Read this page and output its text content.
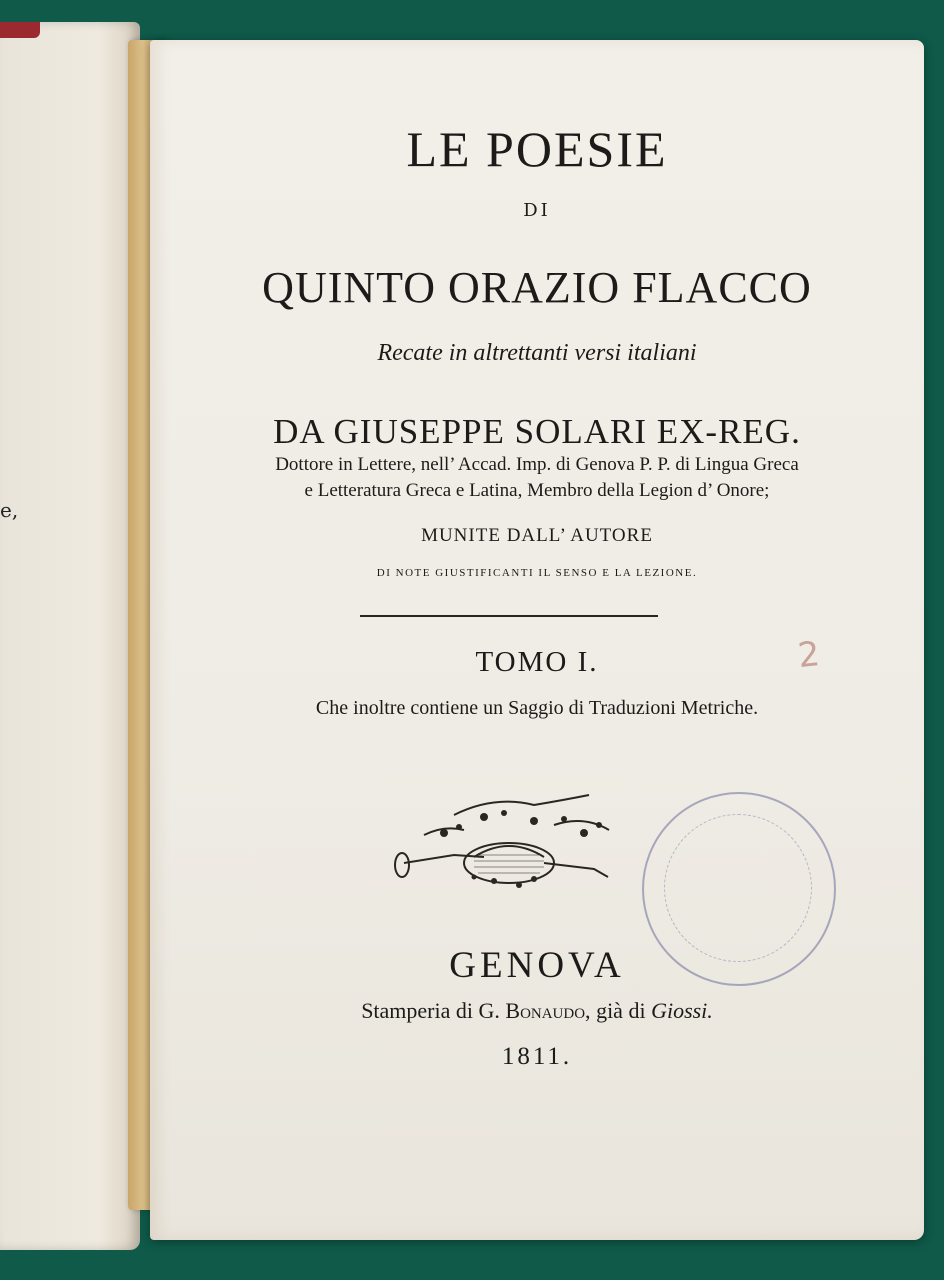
e,
LE POESIE
DI
QUINTO ORAZIO FLACCO
Recate in altrettanti versi italiani
DA GIUSEPPE SOLARI EX-REG.
Dottore in Lettere, nell’ Accad. Imp. di Genova P. P. di Lingua Greca
e Letteratura Greca e Latina, Membro della Legion d’ Onore;
MUNITE DALL’ AUTORE
DI NOTE GIUSTIFICANTI IL SENSO E LA LEZIONE.
TOMO I.
Che inoltre contiene un Saggio di Traduzioni Metriche.
2
GENOVA
Stamperia di G. Bonaudo, già di Giossi.
1811.
